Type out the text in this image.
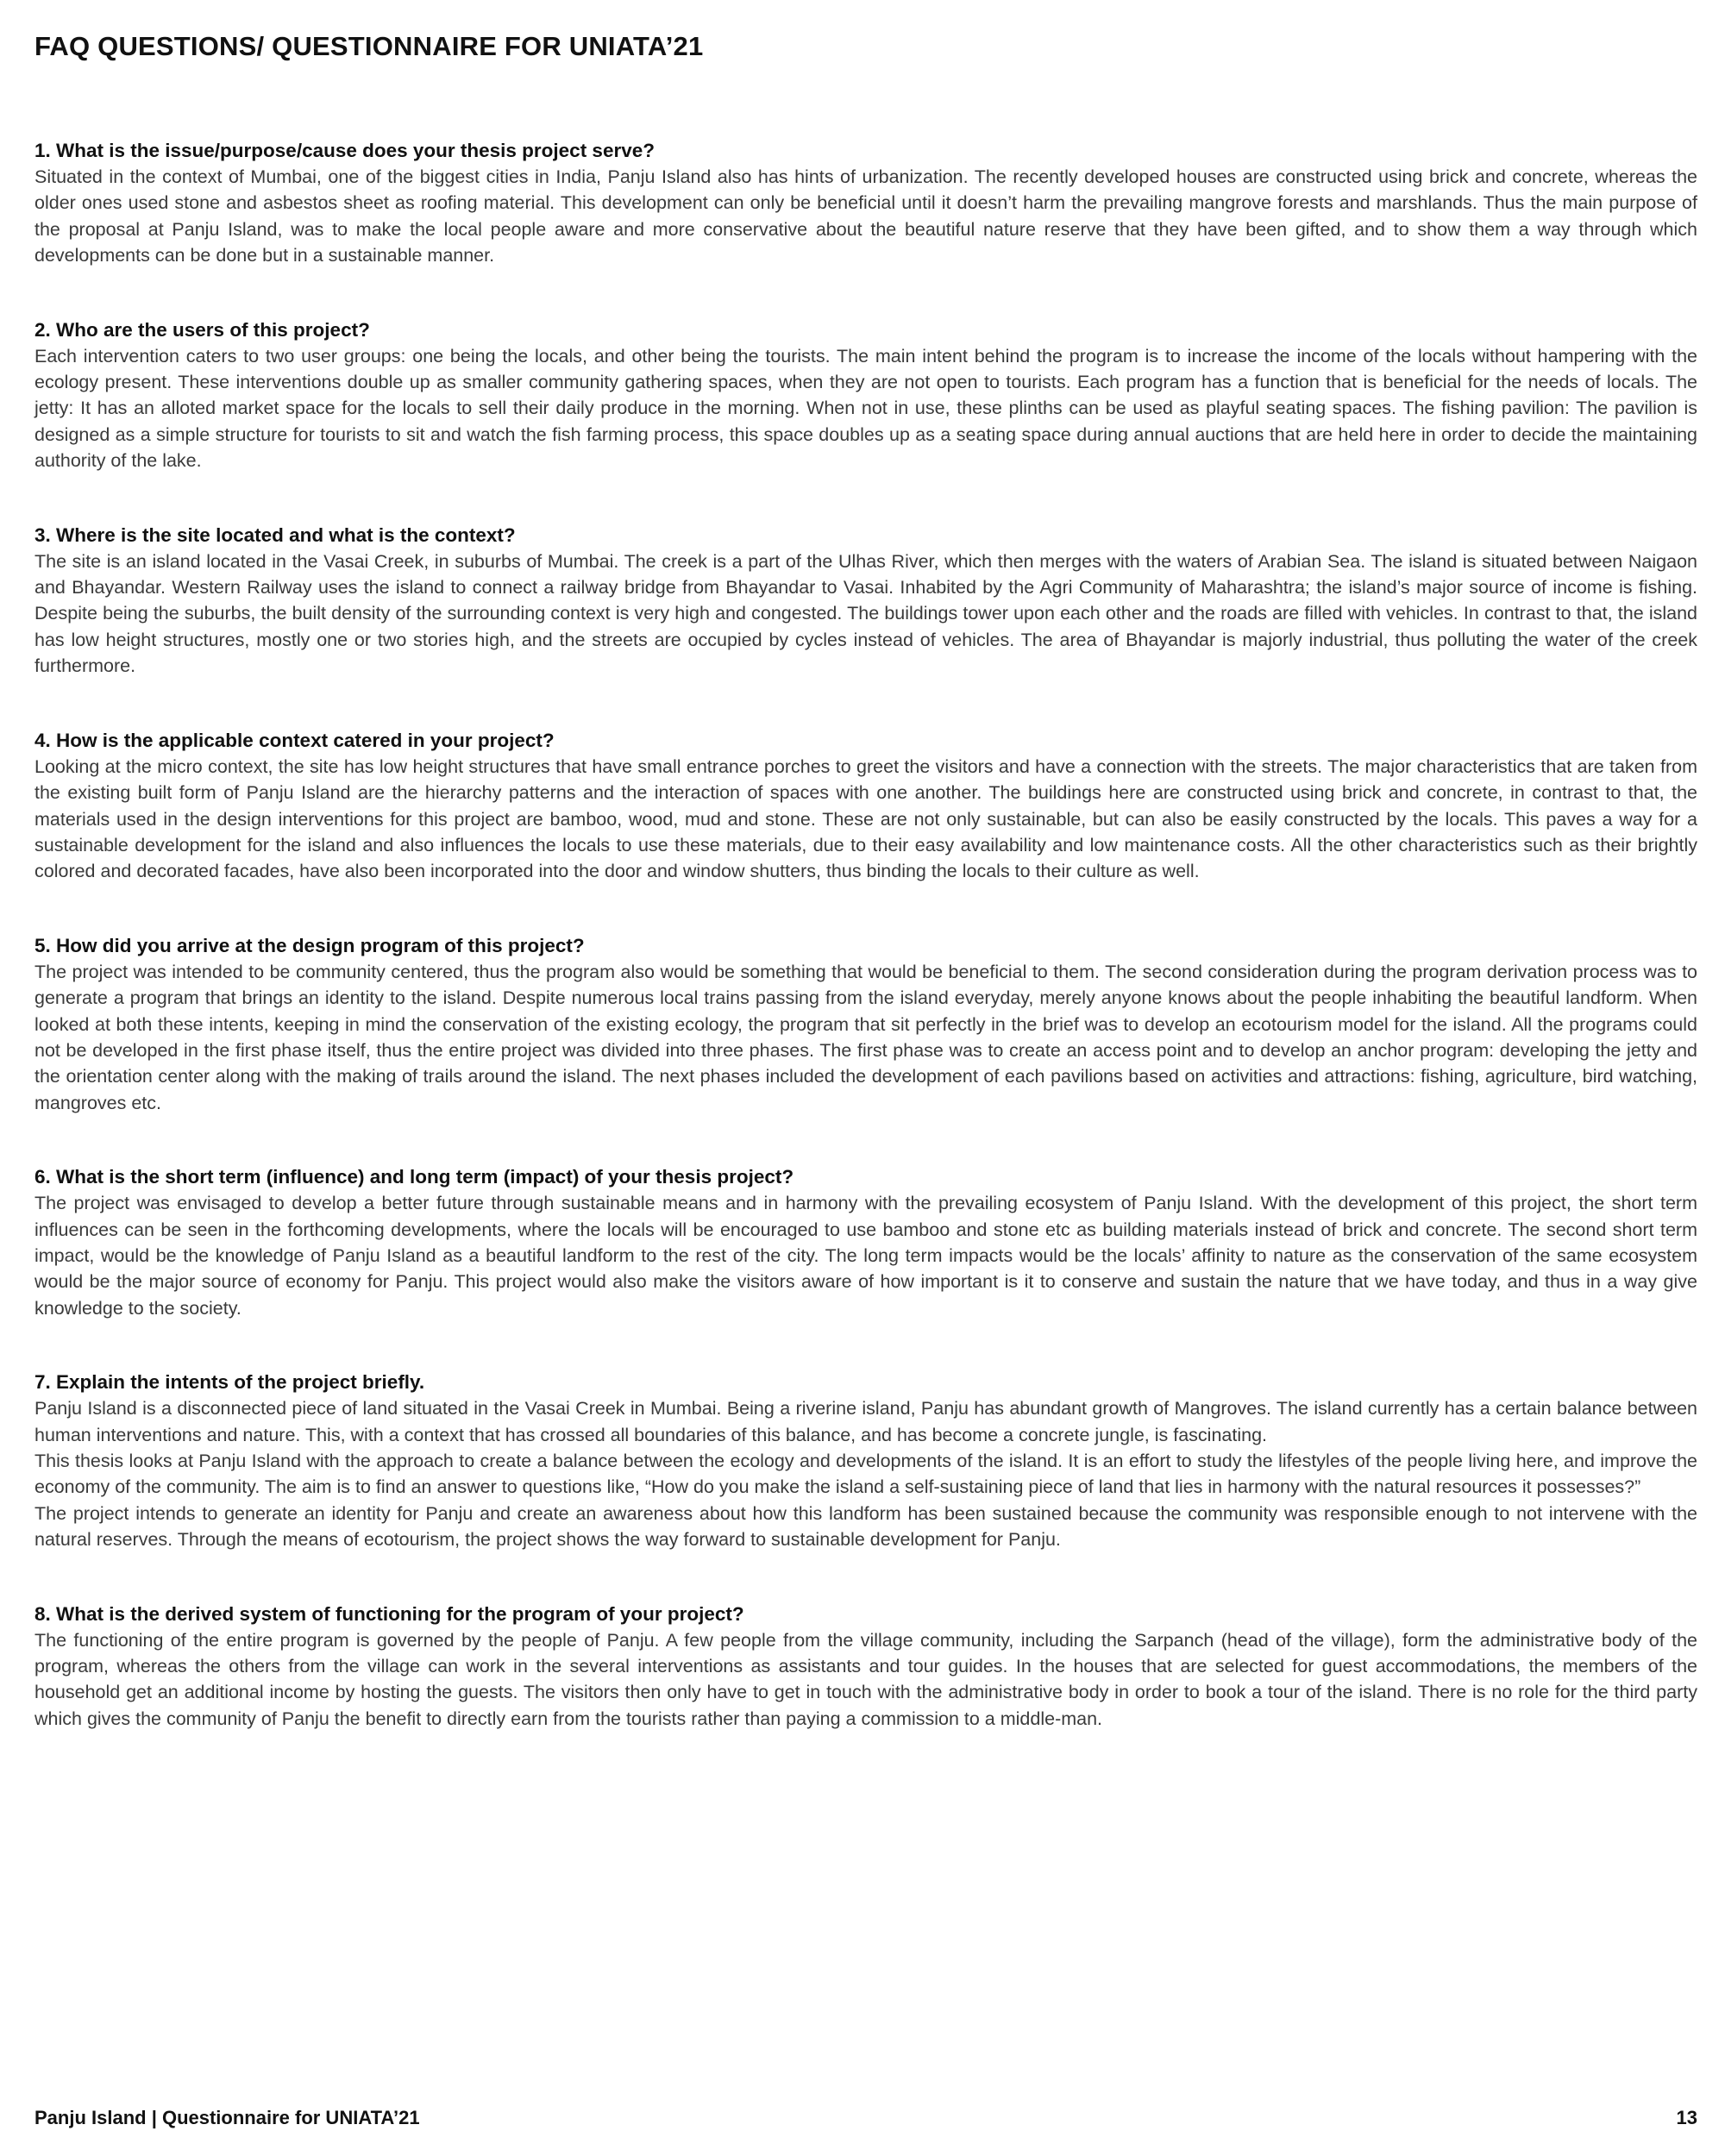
FAQ QUESTIONS/ QUESTIONNAIRE FOR UNIATA’21
1. What is the issue/purpose/cause does your thesis project serve?

Situated in the context of Mumbai, one of the biggest cities in India, Panju Island also has hints of urbanization. The recently developed houses are constructed using brick and concrete, whereas the older ones used stone and asbestos sheet as roofing material. This development can only be beneficial until it doesn’t harm the prevailing mangrove forests and marshlands. Thus the main purpose of the proposal at Panju Island, was to make the local people aware and more conservative about the beautiful nature reserve that they have been gifted, and to show them a way through which developments can be done but in a sustainable manner.

2. Who are the users of this project?

Each intervention caters to two user groups: one being the locals, and other being the tourists. The main intent behind the program is to increase the income of the locals without hampering with the ecology present. These interventions double up as smaller community gathering spaces, when they are not open to tourists. Each program has a function that is beneficial for the needs of locals. The jetty: It has an alloted market space for the locals to sell their daily produce in the morning. When not in use, these plinths can be used as playful seating spaces. The fishing pavilion: The pavilion is designed as a simple structure for tourists to sit and watch the fish farming process, this space doubles up as a seating space during annual auctions that are held here in order to decide the maintaining authority of the lake.

3. Where is the site located and what is the context?

The site is an island located in the Vasai Creek, in suburbs of Mumbai. The creek is a part of the Ulhas River, which then merges with the waters of Arabian Sea. The island is situated between Naigaon and Bhayandar. Western Railway uses the island to connect a railway bridge from Bhayandar to Vasai. Inhabited by the Agri Community of Maharashtra; the island’s major source of income is fishing. Despite being the suburbs, the built density of the surrounding context is very high and congested. The buildings tower upon each other and the roads are filled with vehicles. In contrast to that, the island has low height structures, mostly one or two stories high, and the streets are occupied by cycles instead of vehicles. The area of Bhayandar is majorly industrial, thus polluting the water of the creek furthermore.

4. How is the applicable context catered in your project?

Looking at the micro context, the site has low height structures that have small entrance porches to greet the visitors and have a connection with the streets. The major characteristics that are taken from the existing built form of Panju Island are the hierarchy patterns and the interaction of spaces with one another. The buildings here are constructed using brick and concrete, in contrast to that, the materials used in the design interventions for this project are bamboo, wood, mud and stone. These are not only sustainable, but can also be easily constructed by the locals. This paves a way for a sustainable development for the island and also influences the locals to use these materials, due to their easy availability and low maintenance costs. All the other characteristics such as their brightly colored and decorated facades, have also been incorporated into the door and window shutters, thus binding the locals to their culture as well.

5. How did you arrive at the design program of this project?

The project was intended to be community centered, thus the program also would be something that would be beneficial to them. The second consideration during the program derivation process was to generate a program that brings an identity to the island. Despite numerous local trains passing from the island everyday, merely anyone knows about the people inhabiting the beautiful landform. When looked at both these intents, keeping in mind the conservation of the existing ecology, the program that sit perfectly in the brief was to develop an ecotourism model for the island. All the programs could not be developed in the first phase itself, thus the entire project was divided into three phases. The first phase was to create an access point and to develop an anchor program: developing the jetty and the orientation center along with the making of trails around the island. The next phases included the development of each pavilions based on activities and attractions: fishing, agriculture, bird watching, mangroves etc.

6. What is the short term (influence) and long term (impact) of your thesis project?

The project was envisaged to develop a better future through sustainable means and in harmony with the prevailing ecosystem of Panju Island. With the development of this project, the short term influences can be seen in the forthcoming developments, where the locals will be encouraged to use bamboo and stone etc as building materials instead of brick and concrete. The second short term impact, would be the knowledge of Panju Island as a beautiful landform to the rest of the city. The long term impacts would be the locals’ affinity to nature as the conservation of the same ecosystem would be the major source of economy for Panju. This project would also make the visitors aware of how important is it to conserve and sustain the nature that we have today, and thus in a way give knowledge to the society.

7. Explain the intents of the project briefly.

Panju Island is a disconnected piece of land situated in the Vasai Creek in Mumbai. Being a riverine island, Panju has abundant growth of Mangroves. The island currently has a certain balance between human interventions and nature. This, with a context that has crossed all boundaries of this balance, and has become a concrete jungle, is fascinating.

This thesis looks at Panju Island with the approach to create a balance between the ecology and developments of the island. It is an effort to study the lifestyles of the people living here, and improve the economy of the community. The aim is to find an answer to questions like, “How do you make the island a self-sustaining piece of land that lies in harmony with the natural resources it possesses?”

The project intends to generate an identity for Panju and create an awareness about how this landform has been sustained because the community was responsible enough to not intervene with the natural reserves. Through the means of ecotourism, the project shows the way forward to sustainable development for Panju.

8. What is the derived system of functioning for the program of your project?

The functioning of the entire program is governed by the people of Panju. A few people from the village community, including the Sarpanch (head of the village), form the administrative body of the program, whereas the others from the village can work in the several interventions as assistants and tour guides. In the houses that are selected for guest accommodations, the members of the household get an additional income by hosting the guests. The visitors then only have to get in touch with the administrative body in order to book a tour of the island. There is no role for the third party which gives the community of Panju the benefit to directly earn from the tourists rather than paying a commission to a middle-man.

Panju Island | Questionnaire for UNIATA’21	13
